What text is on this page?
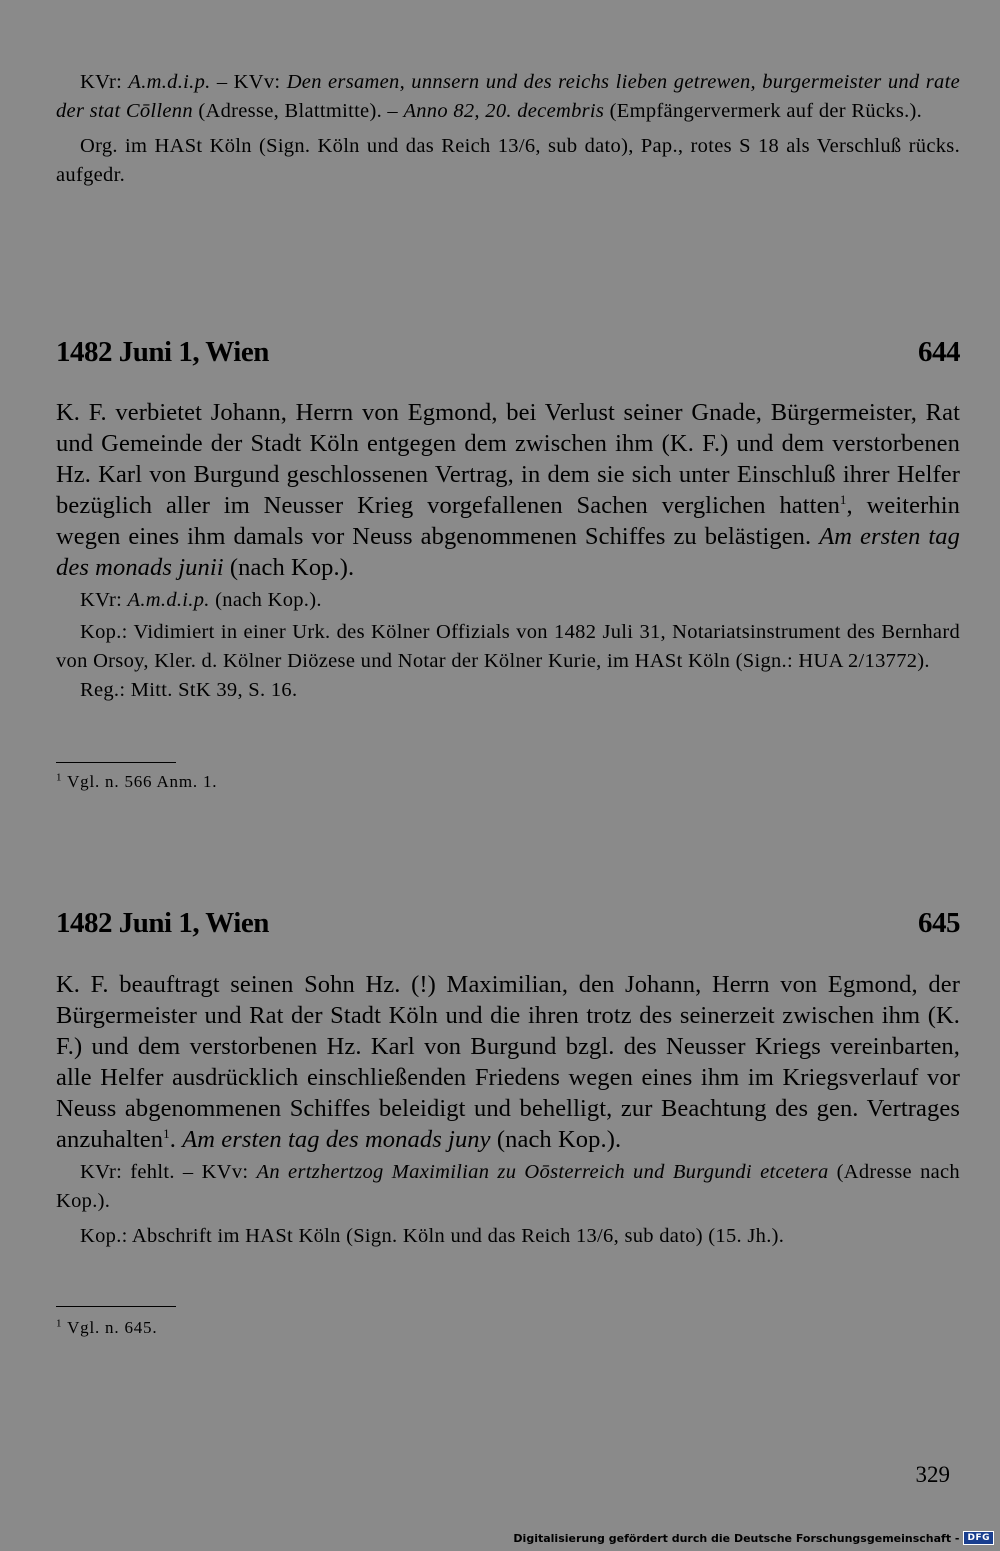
KVr: A.m.d.i.p. – KVv: Den ersamen, unnsern und des reichs lieben getrewen, burgermeister und rate der stat Cōllenn (Adresse, Blattmitte). – Anno 82, 20. decembris (Empfängervermerk auf der Rücks.).

Org. im HASt Köln (Sign. Köln und das Reich 13/6, sub dato), Pap., rotes S 18 als Verschluß rücks. aufgedr.

1482 Juni 1, Wien	644

K. F. verbietet Johann, Herrn von Egmond, bei Verlust seiner Gnade, Bürgermeister, Rat und Gemeinde der Stadt Köln entgegen dem zwischen ihm (K. F.) und dem verstorbenen Hz. Karl von Burgund geschlossenen Vertrag, in dem sie sich unter Einschluß ihrer Helfer bezüglich aller im Neusser Krieg vorgefallenen Sachen verglichen hatten$^1$, weiterhin wegen eines ihm damals vor Neuss abgenommenen Schiffes zu belästigen. Am ersten tag des monads junii (nach Kop.).

KVr: A.m.d.i.p. (nach Kop.).

Kop.: Vidimiert in einer Urk. des Kölner Offizials von 1482 Juli 31, Notariatsinstrument des Bernhard von Orsoy, Kler. d. Kölner Diözese und Notar der Kölner Kurie, im HASt Köln (Sign.: HUA 2/13772).

Reg.: Mitt. StK 39, S. 16.

$^1$ Vgl. n. 566 Anm. 1.
1482 Juni 1, Wien	645

K. F. beauftragt seinen Sohn Hz. (!) Maximilian, den Johann, Herrn von Egmond, der Bürgermeister und Rat der Stadt Köln und die ihren trotz des seinerzeit zwischen ihm (K. F.) und dem verstorbenen Hz. Karl von Burgund bzgl. des Neusser Kriegs vereinbarten, alle Helfer ausdrücklich einschließenden Friedens wegen eines ihm im Kriegsverlauf vor Neuss abgenommenen Schiffes beleidigt und behelligt, zur Beachtung des gen. Vertrages anzuhalten$^1$. Am ersten tag des monads juny (nach Kop.).

KVr: fehlt. – KVv: An ertzhertzog Maximilian zu Oōsterreich und Burgundi etcetera (Adresse nach Kop.).

Kop.: Abschrift im HASt Köln (Sign. Köln und das Reich 13/6, sub dato) (15. Jh.).

$^1$ Vgl. n. 645.
329
Digitalisierung gefördert durch die Deutsche Forschungsgemeinschaft - DFG
